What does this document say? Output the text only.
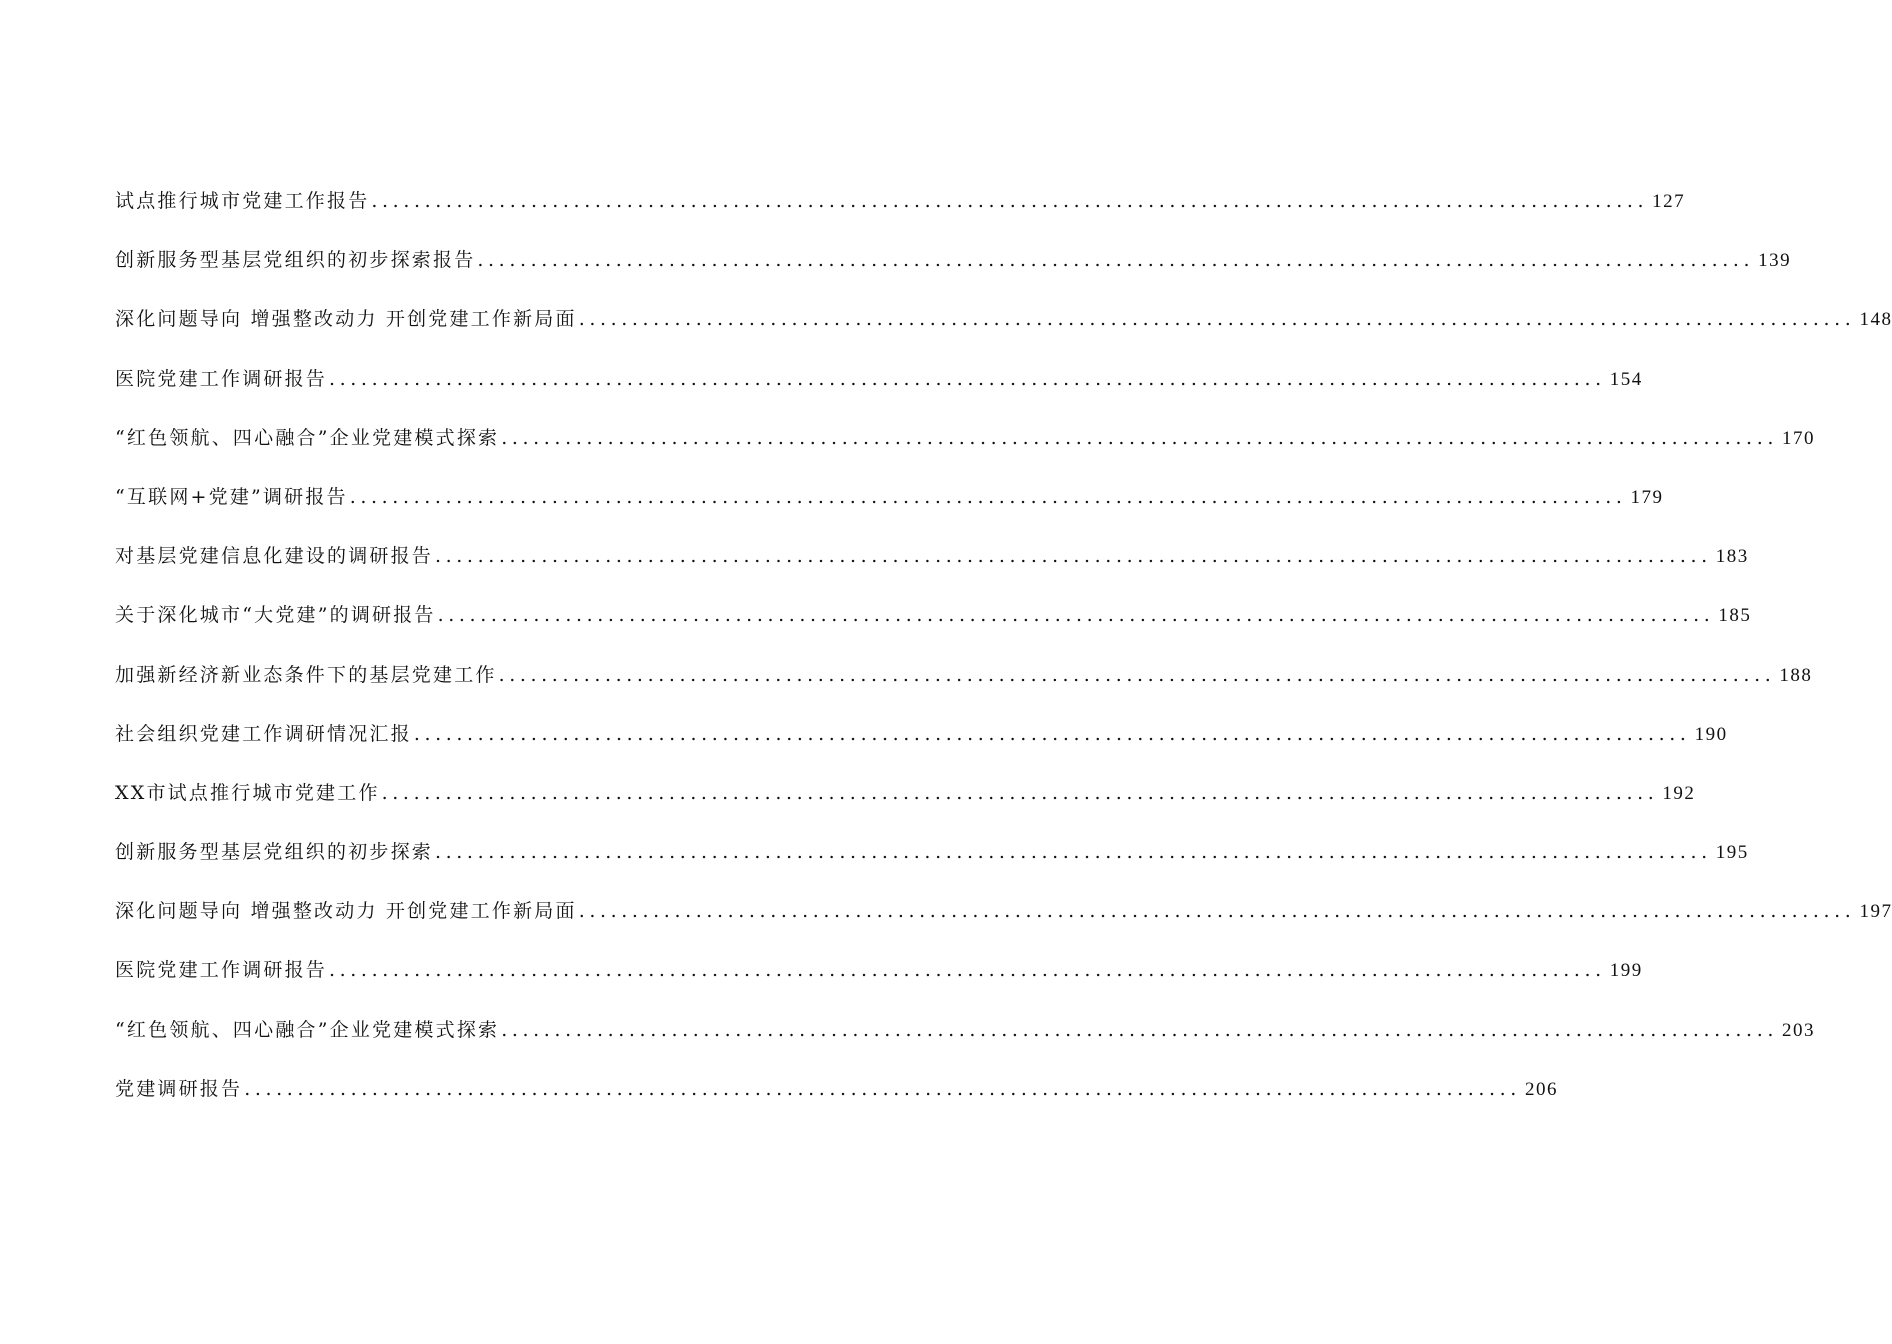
试点推行城市党建工作报告 ........................................................................................................................ 127
创新服务型基层党组织的初步探索报告 ........................................................................................................................ 139
深化问题导向 增强整改动力 开创党建工作新局面 ........................................................................................................................ 148
医院党建工作调研报告 ........................................................................................................................ 154
“红色领航、四心融合”企业党建模式探索 ........................................................................................................................ 170
“互联网+党建”调研报告 ........................................................................................................................ 179
对基层党建信息化建设的调研报告 ........................................................................................................................ 183
关于深化城市“大党建”的调研报告 ........................................................................................................................ 185
加强新经济新业态条件下的基层党建工作 ........................................................................................................................ 188
社会组织党建工作调研情况汇报 ........................................................................................................................ 190
XX市试点推行城市党建工作 ........................................................................................................................ 192
创新服务型基层党组织的初步探索 ........................................................................................................................ 195
深化问题导向 增强整改动力 开创党建工作新局面 ........................................................................................................................ 197
医院党建工作调研报告 ........................................................................................................................ 199
“红色领航、四心融合”企业党建模式探索 ........................................................................................................................ 203
党建调研报告 ........................................................................................................................ 206
